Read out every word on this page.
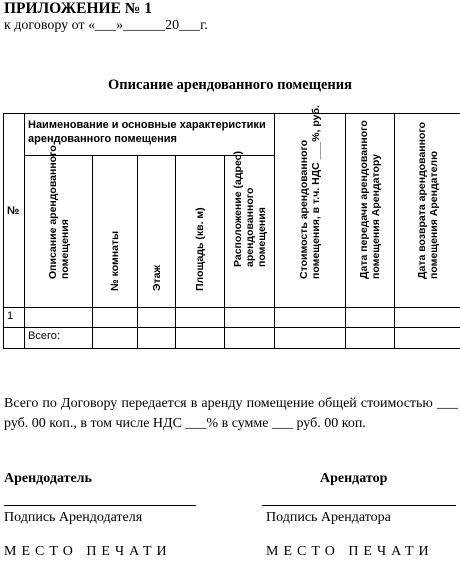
ПРИЛОЖЕНИЕ № 1
к договору от «___»______20___г.
Описание арендованного помещения
№	Наименование и основные характеристики арендованного помещения					Стоимость арендованного помещения, в т.ч. НДС ___%, руб.	Дата передачи арендованного помещения Арендатору	Дата возврата арендованного помещения Арендателю

	Описание арендованного помещения	№ комнаты	Этаж	Площадь (кв. м)	Расположение (адрес) арендованного помещения			

1								
	Всего:							
Всего по Договору передается в аренду помещение общей стоимостью ___ руб. 00 коп., в том числе НДС ___% в сумме ___ руб. 00 коп.
Арендодатель	Арендатор
Подпись Арендодателя	Подпись Арендатора
МЕСТО ПЕЧАТИ	МЕСТО ПЕЧАТИ
